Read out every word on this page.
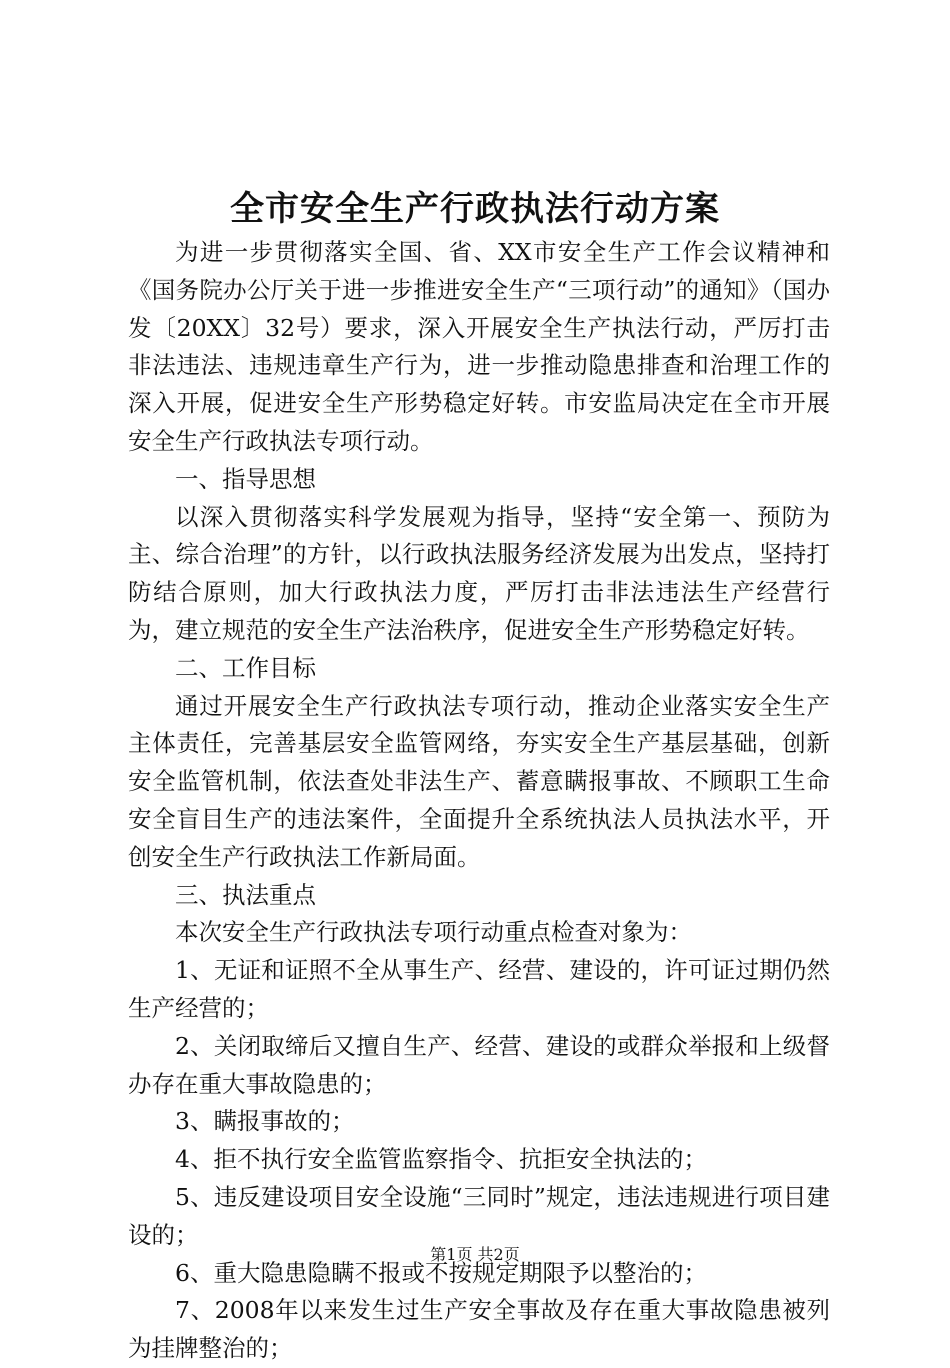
全市安全生产行政执法行动方案

为进一步贯彻落实全国、省、XX市安全生产工作会议精神和《国务院办公厅关于进一步推进安全生产“三项行动”的通知》（国办发〔20XX〕32号）要求，深入开展安全生产执法行动，严厉打击非法违法、违规违章生产行为，进一步推动隐患排查和治理工作的深入开展，促进安全生产形势稳定好转。市安监局决定在全市开展安全生产行政执法专项行动。

一、指导思想

以深入贯彻落实科学发展观为指导，坚持“安全第一、预防为主、综合治理”的方针，以行政执法服务经济发展为出发点，坚持打防结合原则，加大行政执法力度，严厉打击非法违法生产经营行为，建立规范的安全生产法治秩序，促进安全生产形势稳定好转。

二、工作目标

通过开展安全生产行政执法专项行动，推动企业落实安全生产主体责任，完善基层安全监管网络，夯实安全生产基层基础，创新安全监管机制，依法查处非法生产、蓄意瞒报事故、不顾职工生命安全盲目生产的违法案件，全面提升全系统执法人员执法水平，开创安全生产行政执法工作新局面。

三、执法重点

本次安全生产行政执法专项行动重点检查对象为：

1、无证和证照不全从事生产、经营、建设的，许可证过期仍然生产经营的；

2、关闭取缔后又擅自生产、经营、建设的或群众举报和上级督办存在重大事故隐患的；

3、瞒报事故的；

4、拒不执行安全监管监察指令、抗拒安全执法的；

5、违反建设项目安全设施“三同时”规定，违法违规进行项目建设的；

6、重大隐患隐瞒不报或不按规定期限予以整治的；

7、2008年以来发生过生产安全事故及存在重大事故隐患被列为挂牌整治的；

第1页 共2页
